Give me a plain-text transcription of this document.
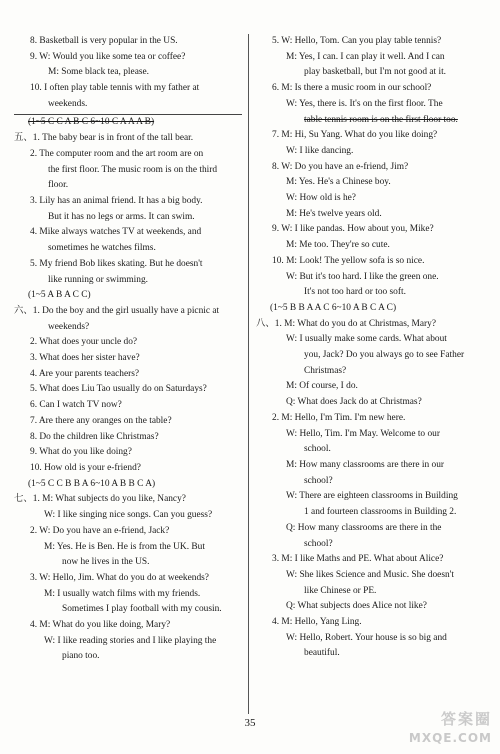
8. Basketball is very popular in the US.
9. W: Would you like some tea or coffee?
M: Some black tea, please.
10. I often play table tennis with my father at
weekends.
(1~5 C C A B C 6~10 C A A A B)
五、1. The baby bear is in front of the tall bear.
2. The computer room and the art room are on
the first floor. The music room is on the third
floor.
3. Lily has an animal friend. It has a big body.
But it has no legs or arms. It can swim.
4. Mike always watches TV at weekends, and
sometimes he watches films.
5. My friend Bob likes skating. But he doesn't
like running or swimming.
(1~5 A B A C C)
六、1. Do the boy and the girl usually have a picnic at
weekends?
2. What does your uncle do?
3. What does her sister have?
4. Are your parents teachers?
5. What does Liu Tao usually do on Saturdays?
6. Can I watch TV now?
7. Are there any oranges on the table?
8. Do the children like Christmas?
9. What do you like doing?
10. How old is your e-friend?
(1~5 C C B B A 6~10 A B B C A)
七、1. M: What subjects do you like, Nancy?
W: I like singing nice songs. Can you guess?
2. W: Do you have an e-friend, Jack?
M: Yes. He is Ben. He is from the UK. But
now he lives in the US.
3. W: Hello, Jim. What do you do at weekends?
M: I usually watch films with my friends.
Sometimes I play football with my cousin.
4. M: What do you like doing, Mary?
W: I like reading stories and I like playing the
piano too.
5. W: Hello, Tom. Can you play table tennis?
M: Yes, I can. I can play it well. And I can
play basketball, but I'm not good at it.
6. M: Is there a music room in our school?
W: Yes, there is. It's on the first floor. The
table tennis room is on the first floor too.
7. M: Hi, Su Yang. What do you like doing?
W: I like dancing.
8. W: Do you have an e-friend, Jim?
M: Yes. He's a Chinese boy.
W: How old is he?
M: He's twelve years old.
9. W: I like pandas. How about you, Mike?
M: Me too. They're so cute.
10. M: Look! The yellow sofa is so nice.
W: But it's too hard. I like the green one.
It's not too hard or too soft.
(1~5 B B A A C 6~10 A B C A C)
八、1. M: What do you do at Christmas, Mary?
W: I usually make some cards. What about
you, Jack? Do you always go to see Father
Christmas?
M: Of course, I do.
Q: What does Jack do at Christmas?
2. M: Hello, I'm Tim. I'm new here.
W: Hello, Tim. I'm May. Welcome to our
school.
M: How many classrooms are there in our
school?
W: There are eighteen classrooms in Building
1 and fourteen classrooms in Building 2.
Q: How many classrooms are there in the
school?
3. M: I like Maths and PE. What about Alice?
W: She likes Science and Music. She doesn't
like Chinese or PE.
Q: What subjects does Alice not like?
4. M: Hello, Yang Ling.
W: Hello, Robert. Your house is so big and
beautiful.
35	答案圈
MXQE.COM
